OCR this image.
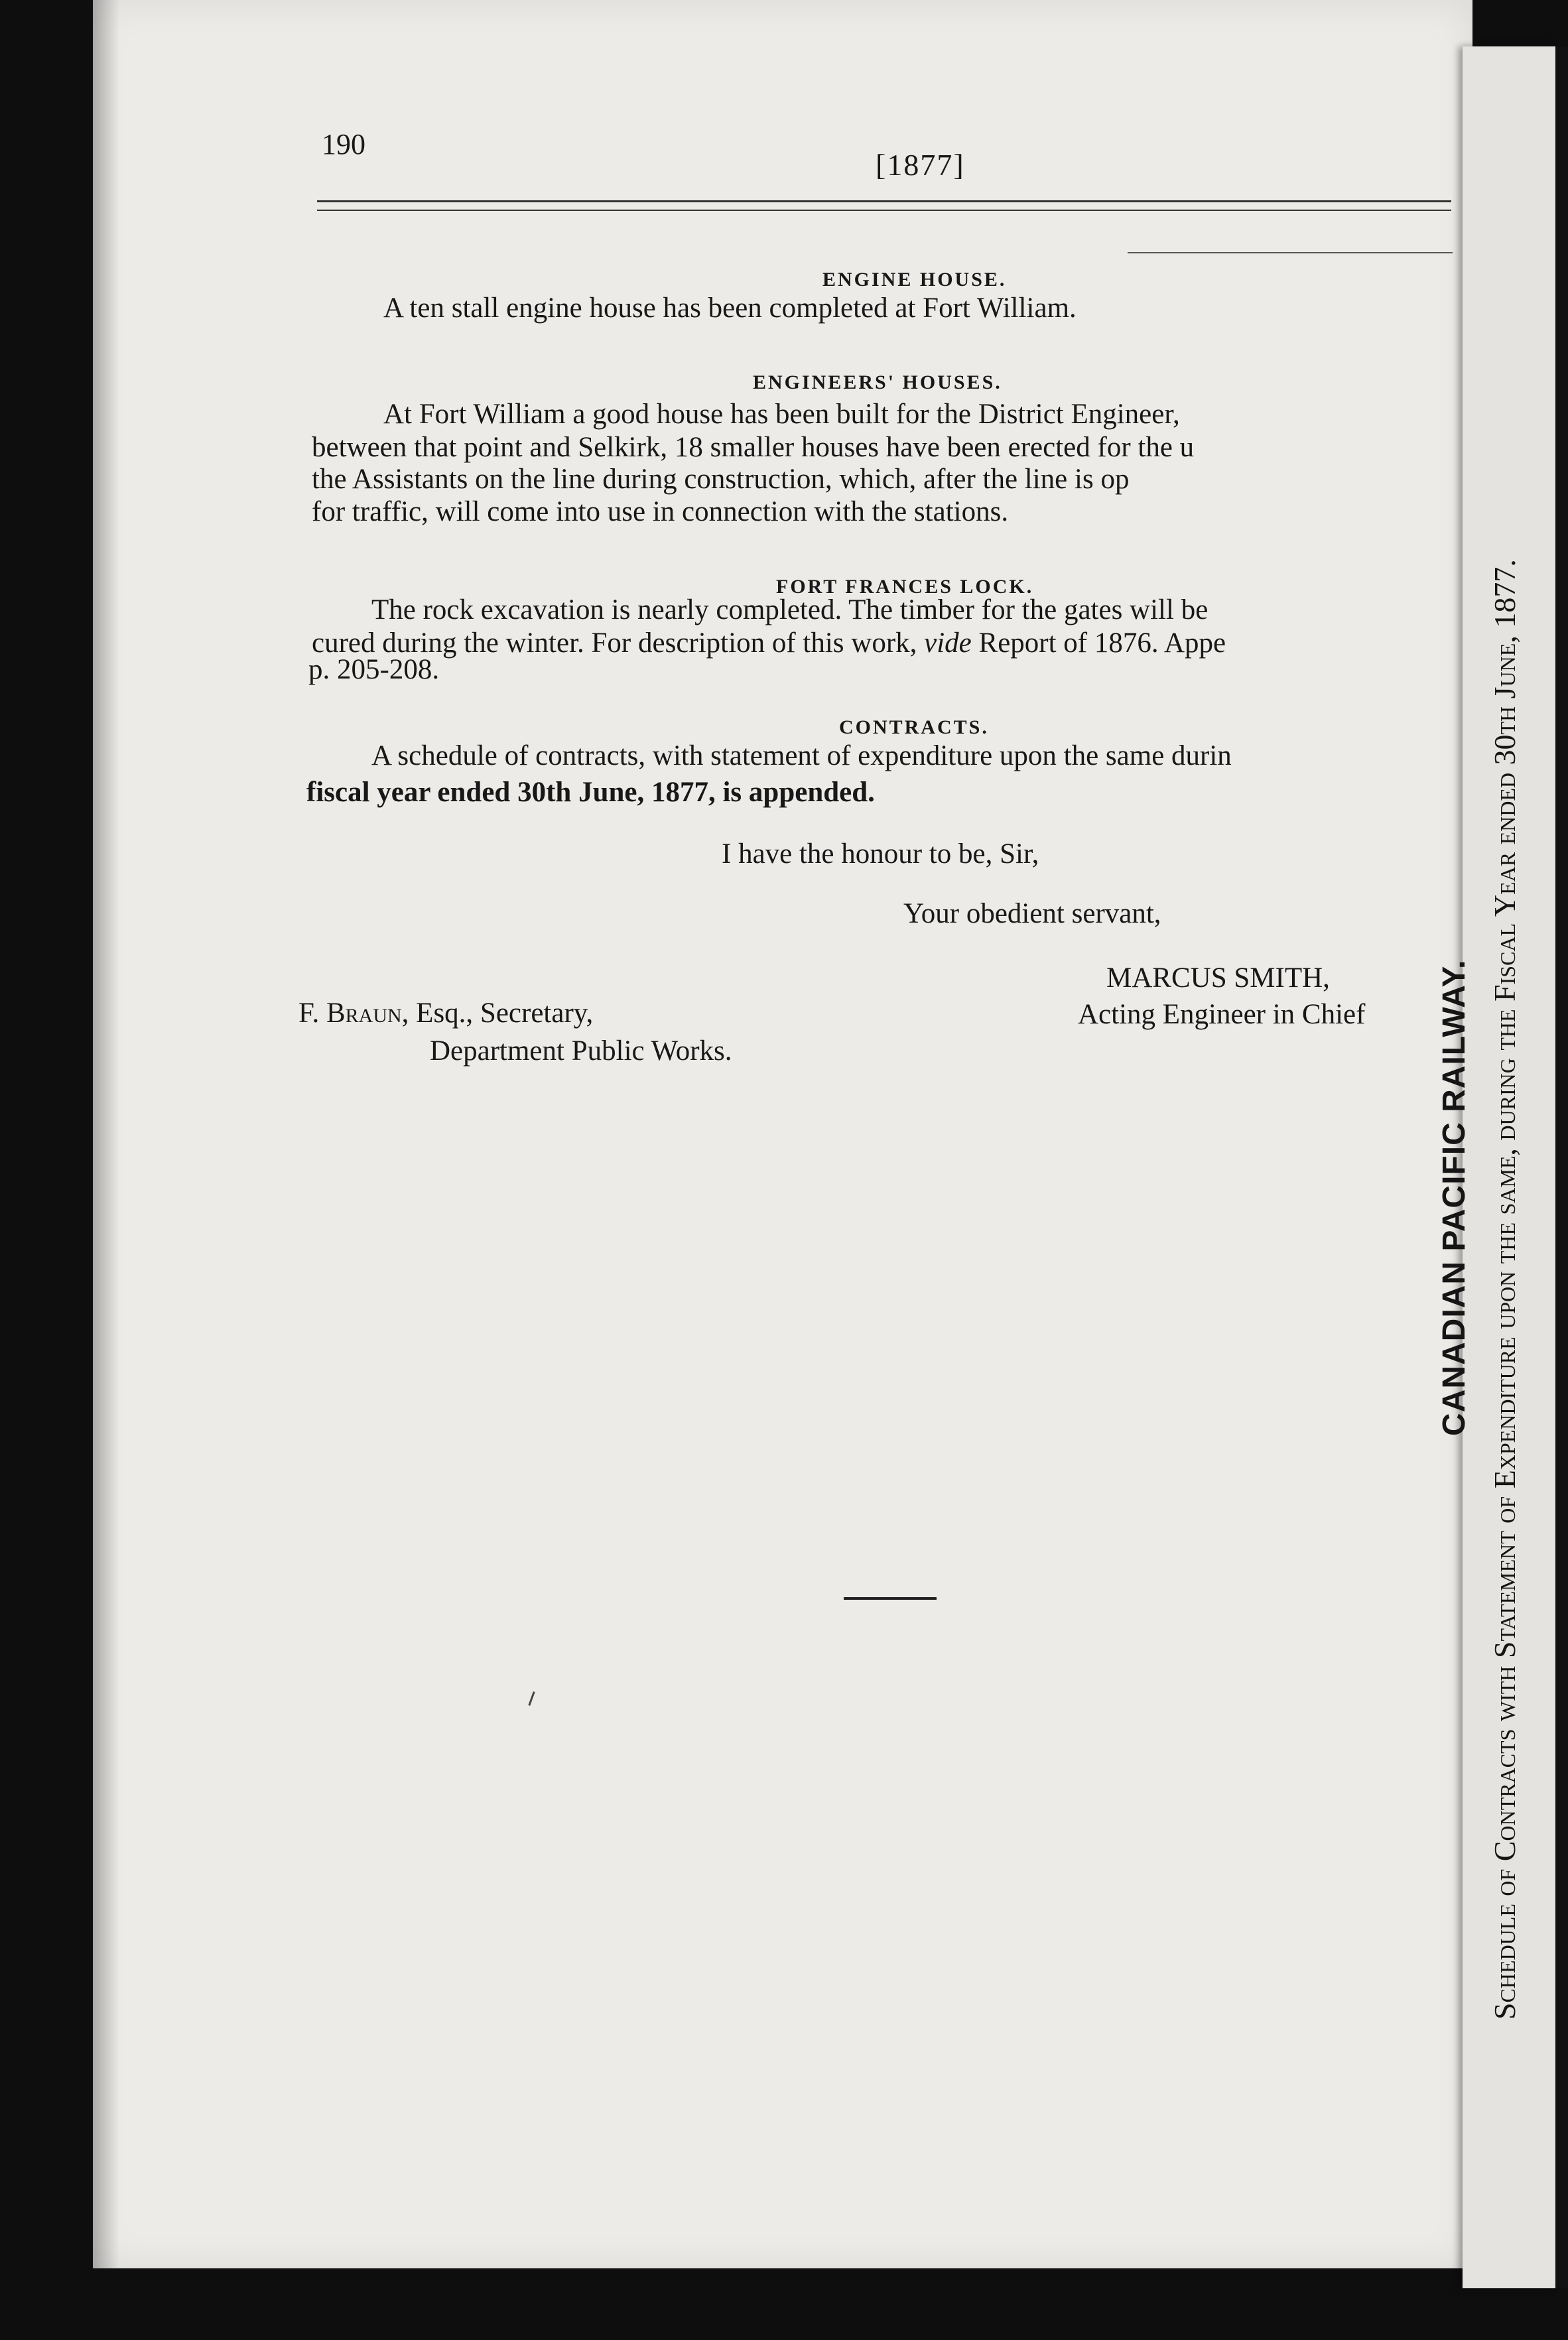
190
[1877]
ENGINE HOUSE.
A ten stall engine house has been completed at Fort William.
ENGINEERS' HOUSES.
At Fort William a good house has been built for the District Engineer,
between that point and Selkirk, 18 smaller houses have been erected for the u
the Assistants on the line during construction, which, after the line is op
for traffic, will come into use in connection with the stations.
FORT FRANCES LOCK.
The rock excavation is nearly completed. The timber for the gates will be
cured during the winter. For description of this work, vide Report of 1876. Appe
p. 205-208.
CONTRACTS.
A schedule of contracts, with statement of expenditure upon the same durin
fiscal year ended 30th June, 1877, is appended.
I have the honour to be, Sir,
Your obedient servant,
MARCUS SMITH,
Acting Engineer in Chief
F. Braun, Esq., Secretary,
Department Public Works.	CANADIAN PACIFIC RAILWAY. Schedule of Contracts with Statement of Expenditure upon the same, during the Fiscal Year ended 30th June, 1877.
